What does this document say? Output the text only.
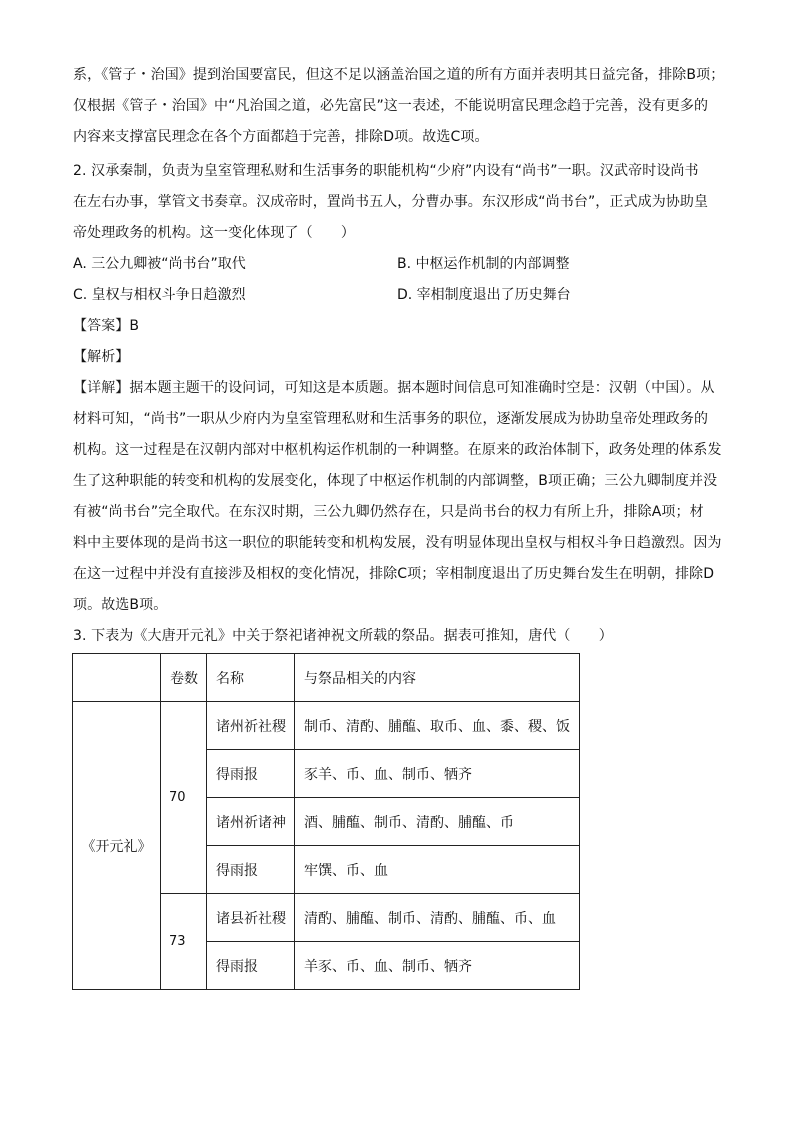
系，《管子・治国》提到治国要富民，但这不足以涵盖治国之道的所有方面并表明其日益完备，排除B项；
仅根据《管子・治国》中“凡治国之道，必先富民”这一表述，不能说明富民理念趋于完善，没有更多的
内容来支撑富民理念在各个方面都趋于完善，排除D项。故选C项。
2. 汉承秦制，负责为皇室管理私财和生活事务的职能机构“少府”内设有“尚书”一职。汉武帝时设尚书
在左右办事，掌管文书奏章。汉成帝时，置尚书五人，分曹办事。东汉形成“尚书台”，正式成为协助皇
帝处理政务的机构。这一变化体现了（　　）
A. 三公九卿被“尚书台”取代	B. 中枢运作机制的内部调整
C. 皇权与相权斗争日趋激烈	D. 宰相制度退出了历史舞台
【答案】B
【解析】
【详解】据本题主题干的设问词，可知这是本质题。据本题时间信息可知准确时空是：汉朝（中国）。从
材料可知，“尚书”一职从少府内为皇室管理私财和生活事务的职位，逐渐发展成为协助皇帝处理政务的
机构。这一过程是在汉朝内部对中枢机构运作机制的一种调整。在原来的政治体制下，政务处理的体系发
生了这种职能的转变和机构的发展变化，体现了中枢运作机制的内部调整，B项正确；三公九卿制度并没
有被“尚书台”完全取代。在东汉时期，三公九卿仍然存在，只是尚书台的权力有所上升，排除A项；材
料中主要体现的是尚书这一职位的职能转变和机构发展，没有明显体现出皇权与相权斗争日趋激烈。因为
在这一过程中并没有直接涉及相权的变化情况，排除C项；宰相制度退出了历史舞台发生在明朝，排除D
项。故选B项。
3. 下表为《大唐开元礼》中关于祭祀诸神祝文所载的祭品。据表可推知，唐代（　　）
	卷数	名称	与祭品相关的内容
《开元礼》	70	诸州祈社稷	制币、清酌、脯醢、取币、血、黍、稷、饭
		得雨报	豕羊、币、血、制币、牺齐
		诸州祈诸神	酒、脯醢、制币、清酌、脯醢、币
		得雨报	牢馔、币、血
	73	诸县祈社稷	清酌、脯醢、制币、清酌、脯醢、币、血
		得雨报	羊豕、币、血、制币、牺齐
